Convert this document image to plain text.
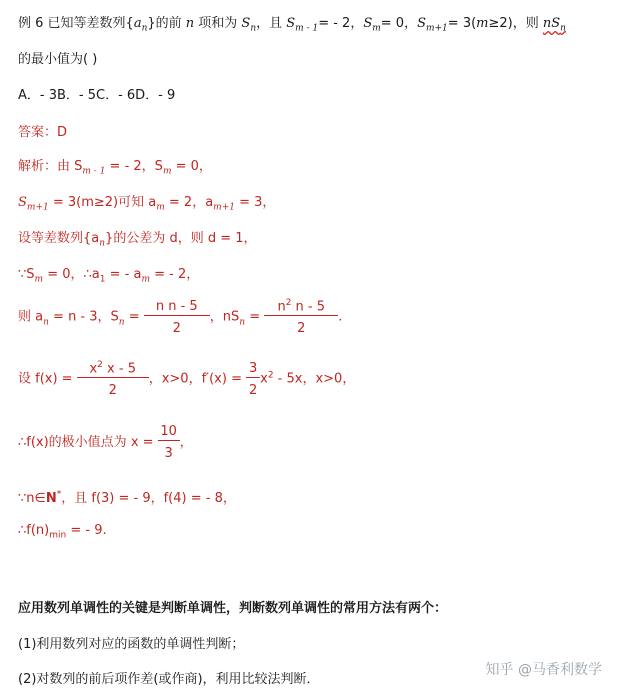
例 6 已知等差数列$\{a_n\}$的前 n 项和为 $S_n$，且 $S_{m - 1}= - 2$，$S_m= 0$，$S_{m+1}= 3(m\ge 2)$，则 $nS_n$
的最小值为( )
A．- 3B．- 5C．- 6D．- 9
答案：D
解析：由 $S_{m - 1}$ = - 2，$S_m = 0$，
$S_{m+1} = 3(m\ge 2)$可知 $a_m = 2$，$a_{m+1} = 3$，
设等差数列$\{a_n\}$的公差为 d，则 d = 1，
$\because S_m = 0$，$\therefore a_1$ = - $a_m$ = - 2，
则 $a_n = n - 3$，$S_n = \frac{\text{n n - 5}}{2}$ ，$nS_n = \frac{n^2 n - 5}{2}$ .
设 $f(x) = \frac{x^2 x - 5}{2}$ ，x>0，$f'(x) = \frac{3}{2} x^2 - 5x$，x>0，
∴f(x)的极小值点为 $x = \frac{10}{3}$ ，
∵n∈N*，且 f(3) = - 9，f(4) = - 8，
$\therefore f(n)_{min}$ = - 9.
应用数列单调性的关键是判断单调性，判断数列单调性的常用方法有两个：
(1)利用数列对应的函数的单调性判断；
(2)对数列的前后项作差(或作商)，利用比较法判断．
知乎 @马香利数学
